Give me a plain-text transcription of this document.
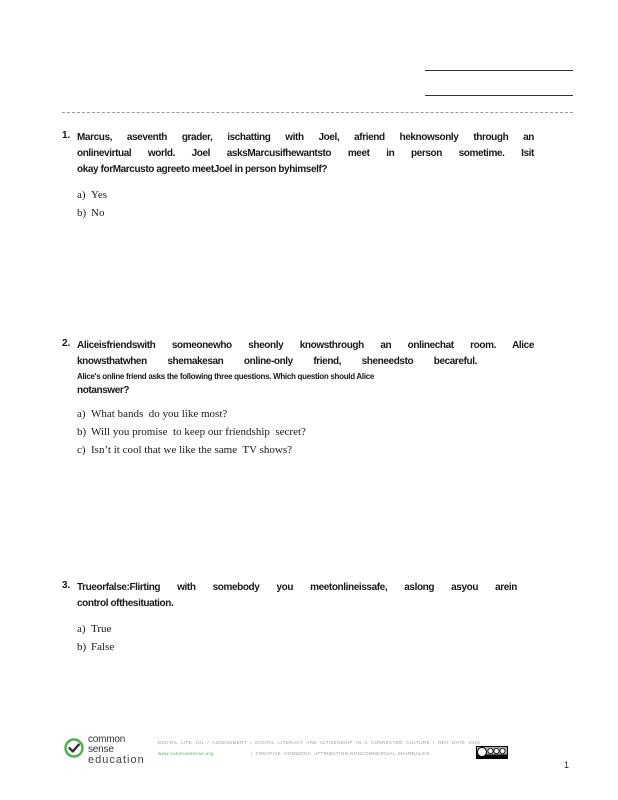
1. Marcus, aseventh grader, ischatting with Joel, afriend heknowsonly through an
onlinevirtual world. Joel asksMarcusifhewantsto meet in person sometime. Isit
okay forMarcusto agreeto meetJoel in person byhimself?
a) Yes
b) No
2. Aliceisfriendswith someonewho sheonly knowsthrough an onlinechat room. Alice
knowsthatwhen shemakesan online-only friend, sheneedsto becareful.
Alice's online friend asks the following three questions. Which question should Alice
notanswer?
a) What bands  do you like most?
b) Will you promise  to keep our friendship  secret?
c) Isn’t it cool that we like the same  TV shows?
3. Trueorfalse:Flirting with somebody you meetonlineissafe, aslong asyou arein
control ofthesituation.
a) True
b) False
common
sense
education
DIGITAL  LIFE  101  /  ASSESSMENT  /  DIGITAL  LITERACY  AND  CITIZENSHIP  IN  A  CONNECTED  CULTURE  /  REV  DATE  2015
www.commonsense.org	/  CREATIVE  COMMONS  ATTRIBUTION-NONCOMMERCIAL-SHAREALIKE
1
